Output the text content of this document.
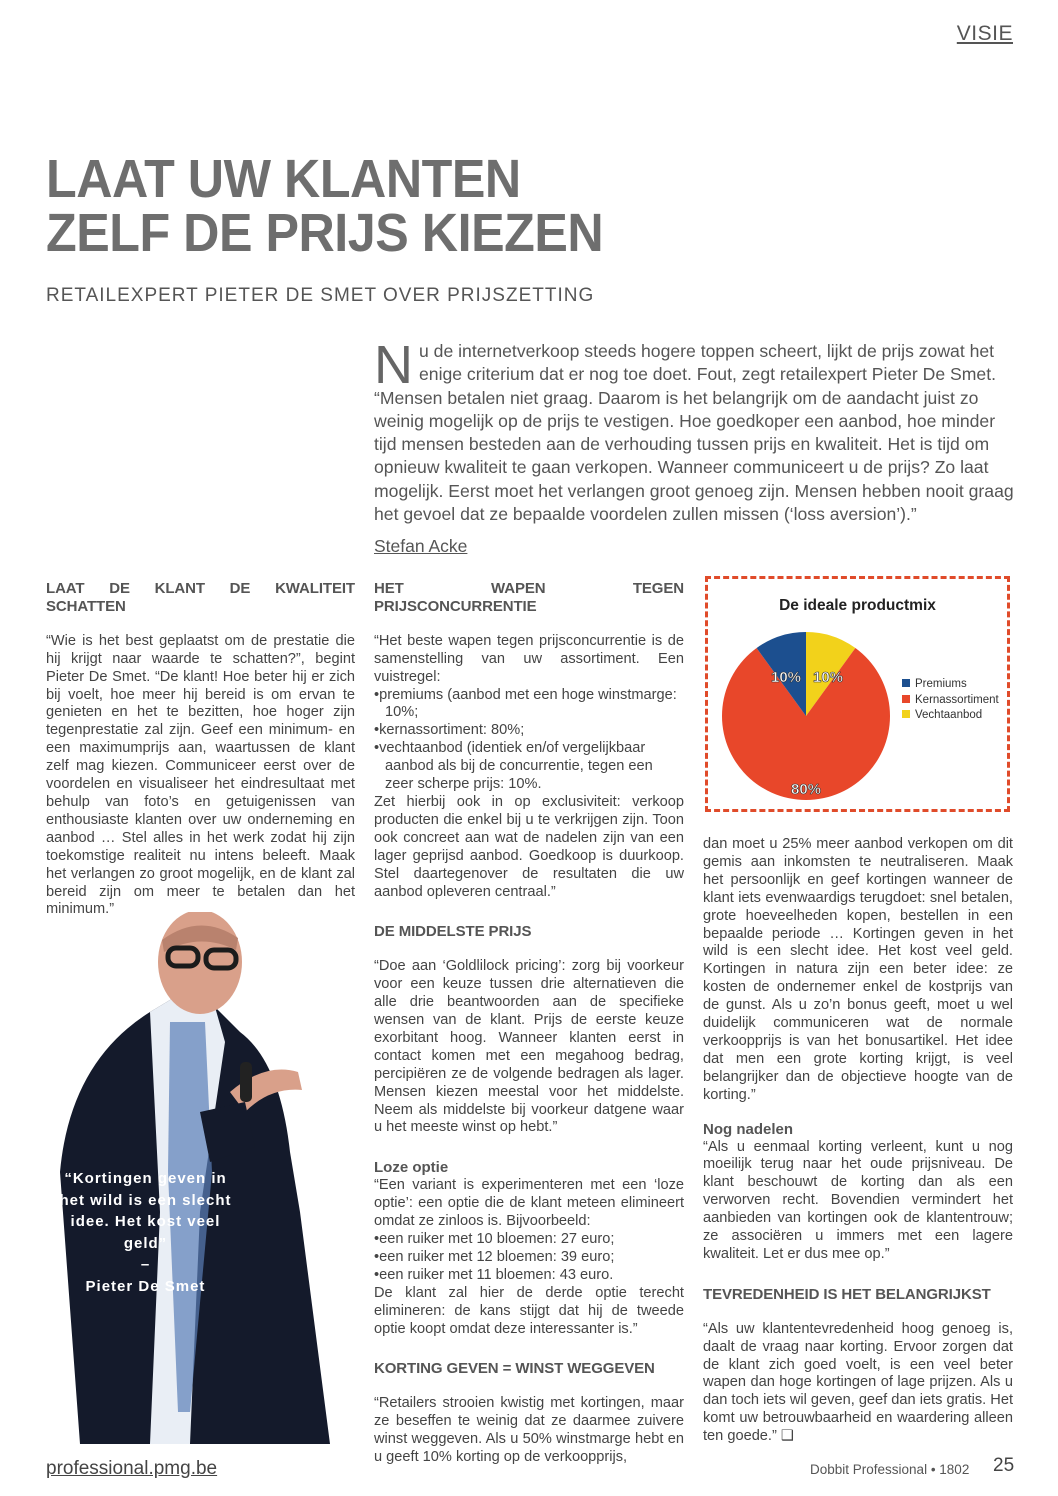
VISIE
LAAT UW KLANTEN
ZELF DE PRIJS KIEZEN
RETAILEXPERT PIETER DE SMET OVER PRIJSZETTING
N u de internetverkoop steeds hogere toppen scheert, lijkt de prijs zowat het enige criterium dat er nog toe doet. Fout, zegt retailexpert Pieter De Smet. “Mensen betalen niet graag. Daarom is het belangrijk om de aandacht juist zo weinig mogelijk op de prijs te vestigen. Hoe goedkoper een aanbod, hoe minder tijd mensen besteden aan de verhouding tussen prijs en kwaliteit. Het is tijd om opnieuw kwaliteit te gaan verkopen. Wanneer communiceert u de prijs? Zo laat mogelijk. Eerst moet het verlangen groot genoeg zijn. Mensen hebben nooit graag het gevoel dat ze bepaalde voordelen zullen missen (‘loss aversion’).”
Stefan Acke
LAAT DE KLANT DE KWALITEIT SCHATTEN

“Wie is het best geplaatst om de prestatie die hij krijgt naar waarde te schatten?”, begint Pieter De Smet. “De klant! Hoe beter hij er zich bij voelt, hoe meer hij bereid is om ervan te genieten en het te bezitten, hoe hoger zijn tegenprestatie zal zijn. Geef een minimum- en een maximumprijs aan, waartussen de klant zelf mag kiezen. Communiceer eerst over de voordelen en visualiseer het eindresultaat met behulp van foto’s en getuigenissen van enthousiaste klanten over uw onderneming en aanbod … Stel alles in het werk zodat hij zijn toekomstige realiteit nu intens beleeft. Maak het verlangen zo groot mogelijk, en de klant zal bereid zijn om meer te betalen dan het minimum.”

“Kortingen geven in het wild is een slecht idee. Het kost veel geld”
–
Pieter De Smet
HET WAPEN TEGEN PRIJSCONCURRENTIE

“Het beste wapen tegen prijsconcurrentie is de samenstelling van uw assortiment. Een vuistregel:

•premiums (aanbod met een hoge winstmarge: 10%;
•kernassortiment: 80%;
•vechtaanbod (identiek en/of vergelijkbaar aanbod als bij de concurrentie, tegen een zeer scherpe prijs: 10%.

Zet hierbij ook in op exclusiviteit: verkoop producten die enkel bij u te verkrijgen zijn. Toon ook concreet aan wat de nadelen zijn van een lager geprijsd aanbod. Goedkoop is duurkoop. Stel daartegenover de resultaten die uw aanbod opleveren centraal.”

DE MIDDELSTE PRIJS

“Doe aan ‘Goldlilock pricing’: zorg bij voorkeur voor een keuze tussen drie alternatieven die alle drie beantwoorden aan de specifieke wensen van de klant. Prijs de eerste keuze exorbitant hoog. Wanneer klanten eerst in contact komen met een megahoog bedrag, percipiëren ze de volgende bedragen als lager. Mensen kiezen meestal voor het middelste. Neem als middelste bij voorkeur datgene waar u het meeste winst op hebt.”

Loze optie

“Een variant is experimenteren met een ‘loze optie’: een optie die de klant meteen elimineert omdat ze zinloos is. Bijvoorbeeld:

•een ruiker met 10 bloemen: 27 euro;
•een ruiker met 12 bloemen: 39 euro;
•een ruiker met 11 bloemen: 43 euro.

De klant zal hier de derde optie terecht elimineren: de kans stijgt dat hij de tweede optie koopt omdat deze interessanter is.”

KORTING GEVEN = WINST WEGGEVEN

“Retailers strooien kwistig met kortingen, maar ze beseffen te weinig dat ze daarmee zuivere winst weggeven. Als u 50% winstmarge hebt en u geeft 10% korting op de verkoopprijs,

De ideale productmix
10%
80%
10%	Premiums
Kernassortiment
Vechtaanbod

dan moet u 25% meer aanbod verkopen om dit gemis aan inkomsten te neutraliseren. Maak het persoonlijk en geef kortingen wanneer de klant iets evenwaardigs terugdoet: snel betalen, grote hoeveelheden kopen, bestellen in een bepaalde periode … Kortingen geven in het wild is een slecht idee. Het kost veel geld. Kortingen in natura zijn een beter idee: ze kosten de ondernemer enkel de kostprijs van de gunst. Als u zo’n bonus geeft, moet u wel duidelijk communiceren wat de normale verkoopprijs is van het bonusartikel. Het idee dat men een grote korting krijgt, is veel belangrijker dan de objectieve hoogte van de korting.”

Nog nadelen

“Als u eenmaal korting verleent, kunt u nog moeilijk terug naar het oude prijsniveau. De klant beschouwt de korting dan als een verworven recht. Bovendien vermindert het aanbieden van kortingen ook de klantentrouw; ze associëren u immers met een lagere kwaliteit. Let er dus mee op.”

TEVREDENHEID IS HET BELANGRIJKST

“Als uw klantentevredenheid hoog genoeg is, daalt de vraag naar korting. Ervoor zorgen dat de klant zich goed voelt, is een veel beter wapen dan hoge kortingen of lage prijzen. Als u dan toch iets wil geven, geef dan iets gratis. Het komt uw betrouwbaarheid en waardering alleen ten goede.” ❑

professional.pmg.be	Dobbit Professional • 1802 25
